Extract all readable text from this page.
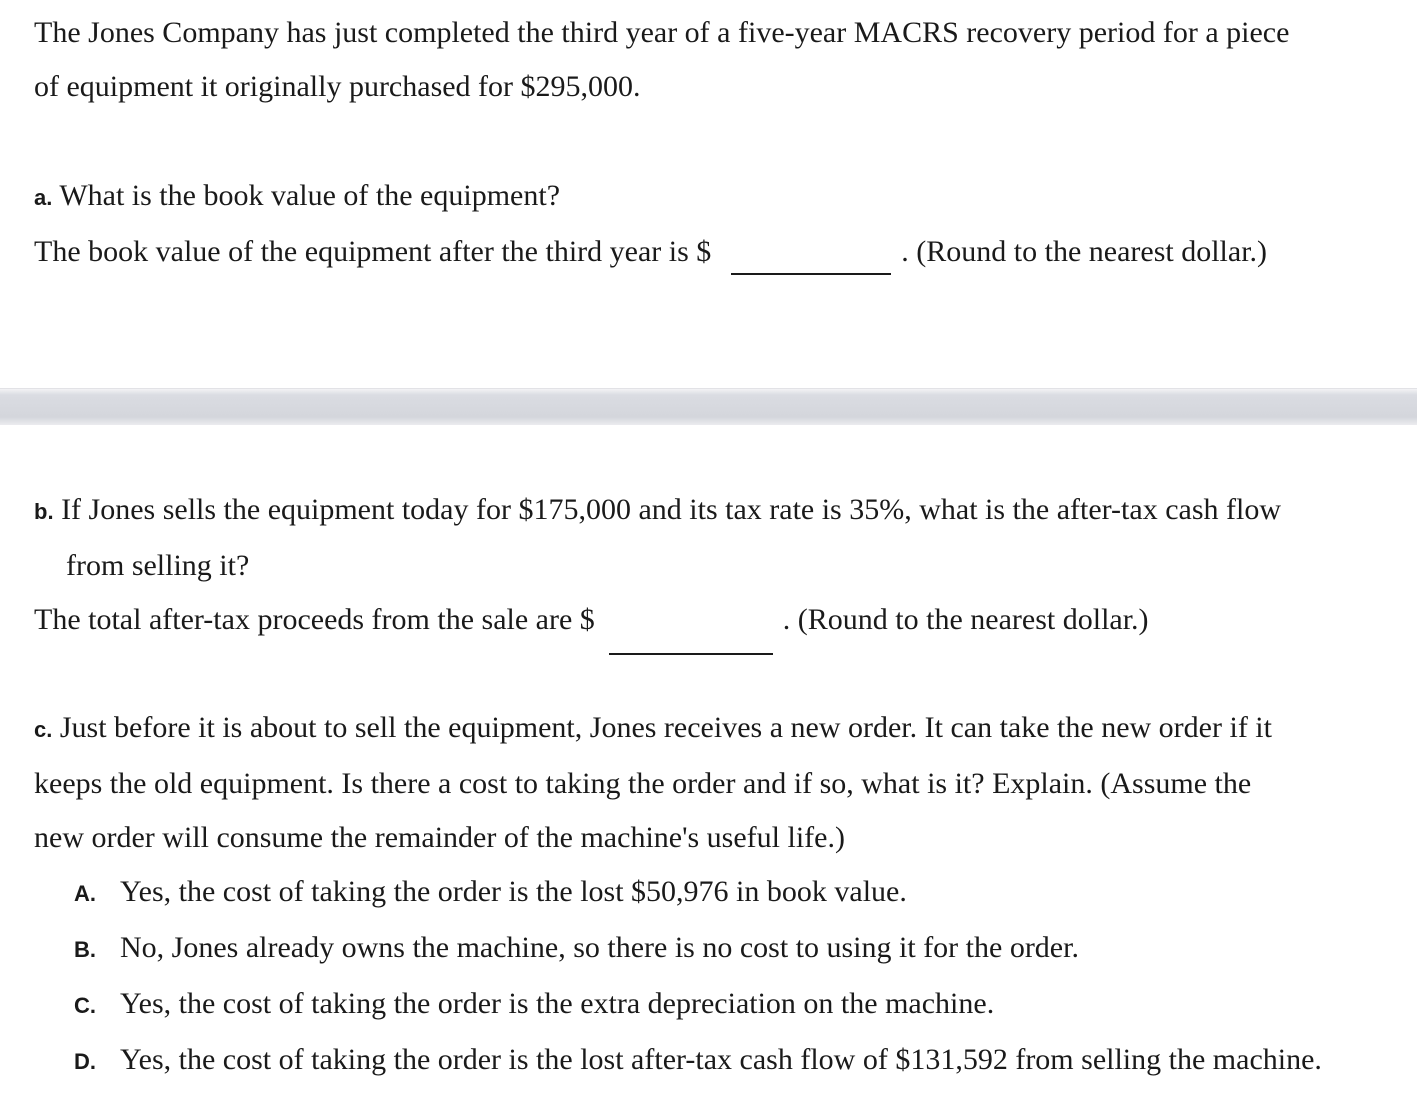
The Jones Company has just completed the third year of a five-year MACRS recovery period for a piece
of equipment it originally purchased for $295,000.
a. What is the book value of the equipment?
The book value of the equipment after the third year is $	. (Round to the nearest dollar.)
b. If Jones sells the equipment today for $175,000 and its tax rate is 35%, what is the after-tax cash flow
from selling it?
The total after-tax proceeds from the sale are $	. (Round to the nearest dollar.)
c. Just before it is about to sell the equipment, Jones receives a new order. It can take the new order if it
keeps the old equipment. Is there a cost to taking the order and if so, what is it? Explain. (Assume the
new order will consume the remainder of the machine's useful life.)
A. Yes, the cost of taking the order is the lost $50,976 in book value.
B. No, Jones already owns the machine, so there is no cost to using it for the order.
C. Yes, the cost of taking the order is the extra depreciation on the machine.
D. Yes, the cost of taking the order is the lost after-tax cash flow of $131,592 from selling the machine.
